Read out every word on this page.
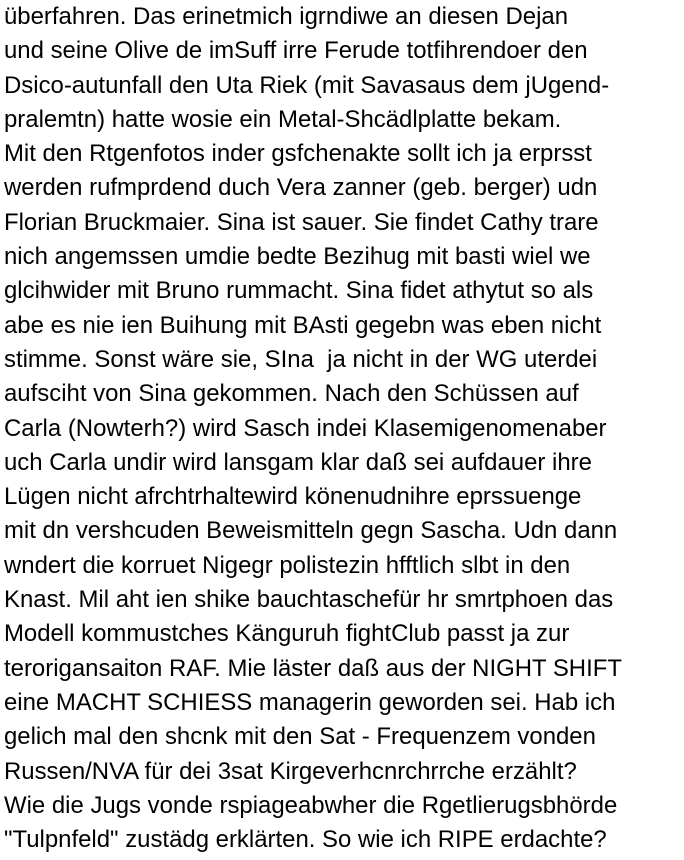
überfahren. Das erinetmich igrndiwe an diesen Dejan
und seine Olive de imSuff irre Ferude totfihrendoer den
Dsico-autunfall den Uta Riek (mit Savasaus dem jUgend-
pralemtn) hatte wosie ein Metal-Shcädlplatte bekam.
Mit den Rtgenfotos inder gsfchenakte sollt ich ja erprsst
werden rufmprdend duch Vera zanner (geb. berger) udn
Florian Bruckmaier. Sina ist sauer. Sie findet Cathy trare
nich angemssen umdie bedte Bezihug mit basti wiel we
glcihwider mit Bruno rummacht. Sina fidet athytut so als
abe es nie ien Buihung mit BAsti gegebn was eben nicht
stimme. Sonst wäre sie, SIna  ja nicht in der WG uterdei
aufsciht von Sina gekommen. Nach den Schüssen auf
Carla (Nowterh?) wird Sasch indei Klasemigenomenaber
uch Carla undir wird lansgam klar daß sei aufdauer ihre
Lügen nicht afrchtrhaltewird könenudnihre eprssuenge
mit dn vershcuden Beweismitteln gegn Sascha. Udn dann
wndert die korruet Nigegr polistezin hfftlich slbt in den
Knast. Mil aht ien shike bauchtaschefür hr smrtphoen das
Modell kommustches Känguruh fightClub passt ja zur
terorigansaiton RAF. Mie läster daß aus der NIGHT SHIFT
eine MACHT SCHIESS managerin geworden sei. Hab ich
gelich mal den shcnk mit den Sat - Frequenzem vonden
Russen/NVA für dei 3sat Kirgeverhcnrchrrche erzählt?
Wie die Jugs vonde rspiageabwher die Rgetlierugsbhörde
"Tulpnfeld" zustädg erklärten. So wie ich RIPE erdachte?
